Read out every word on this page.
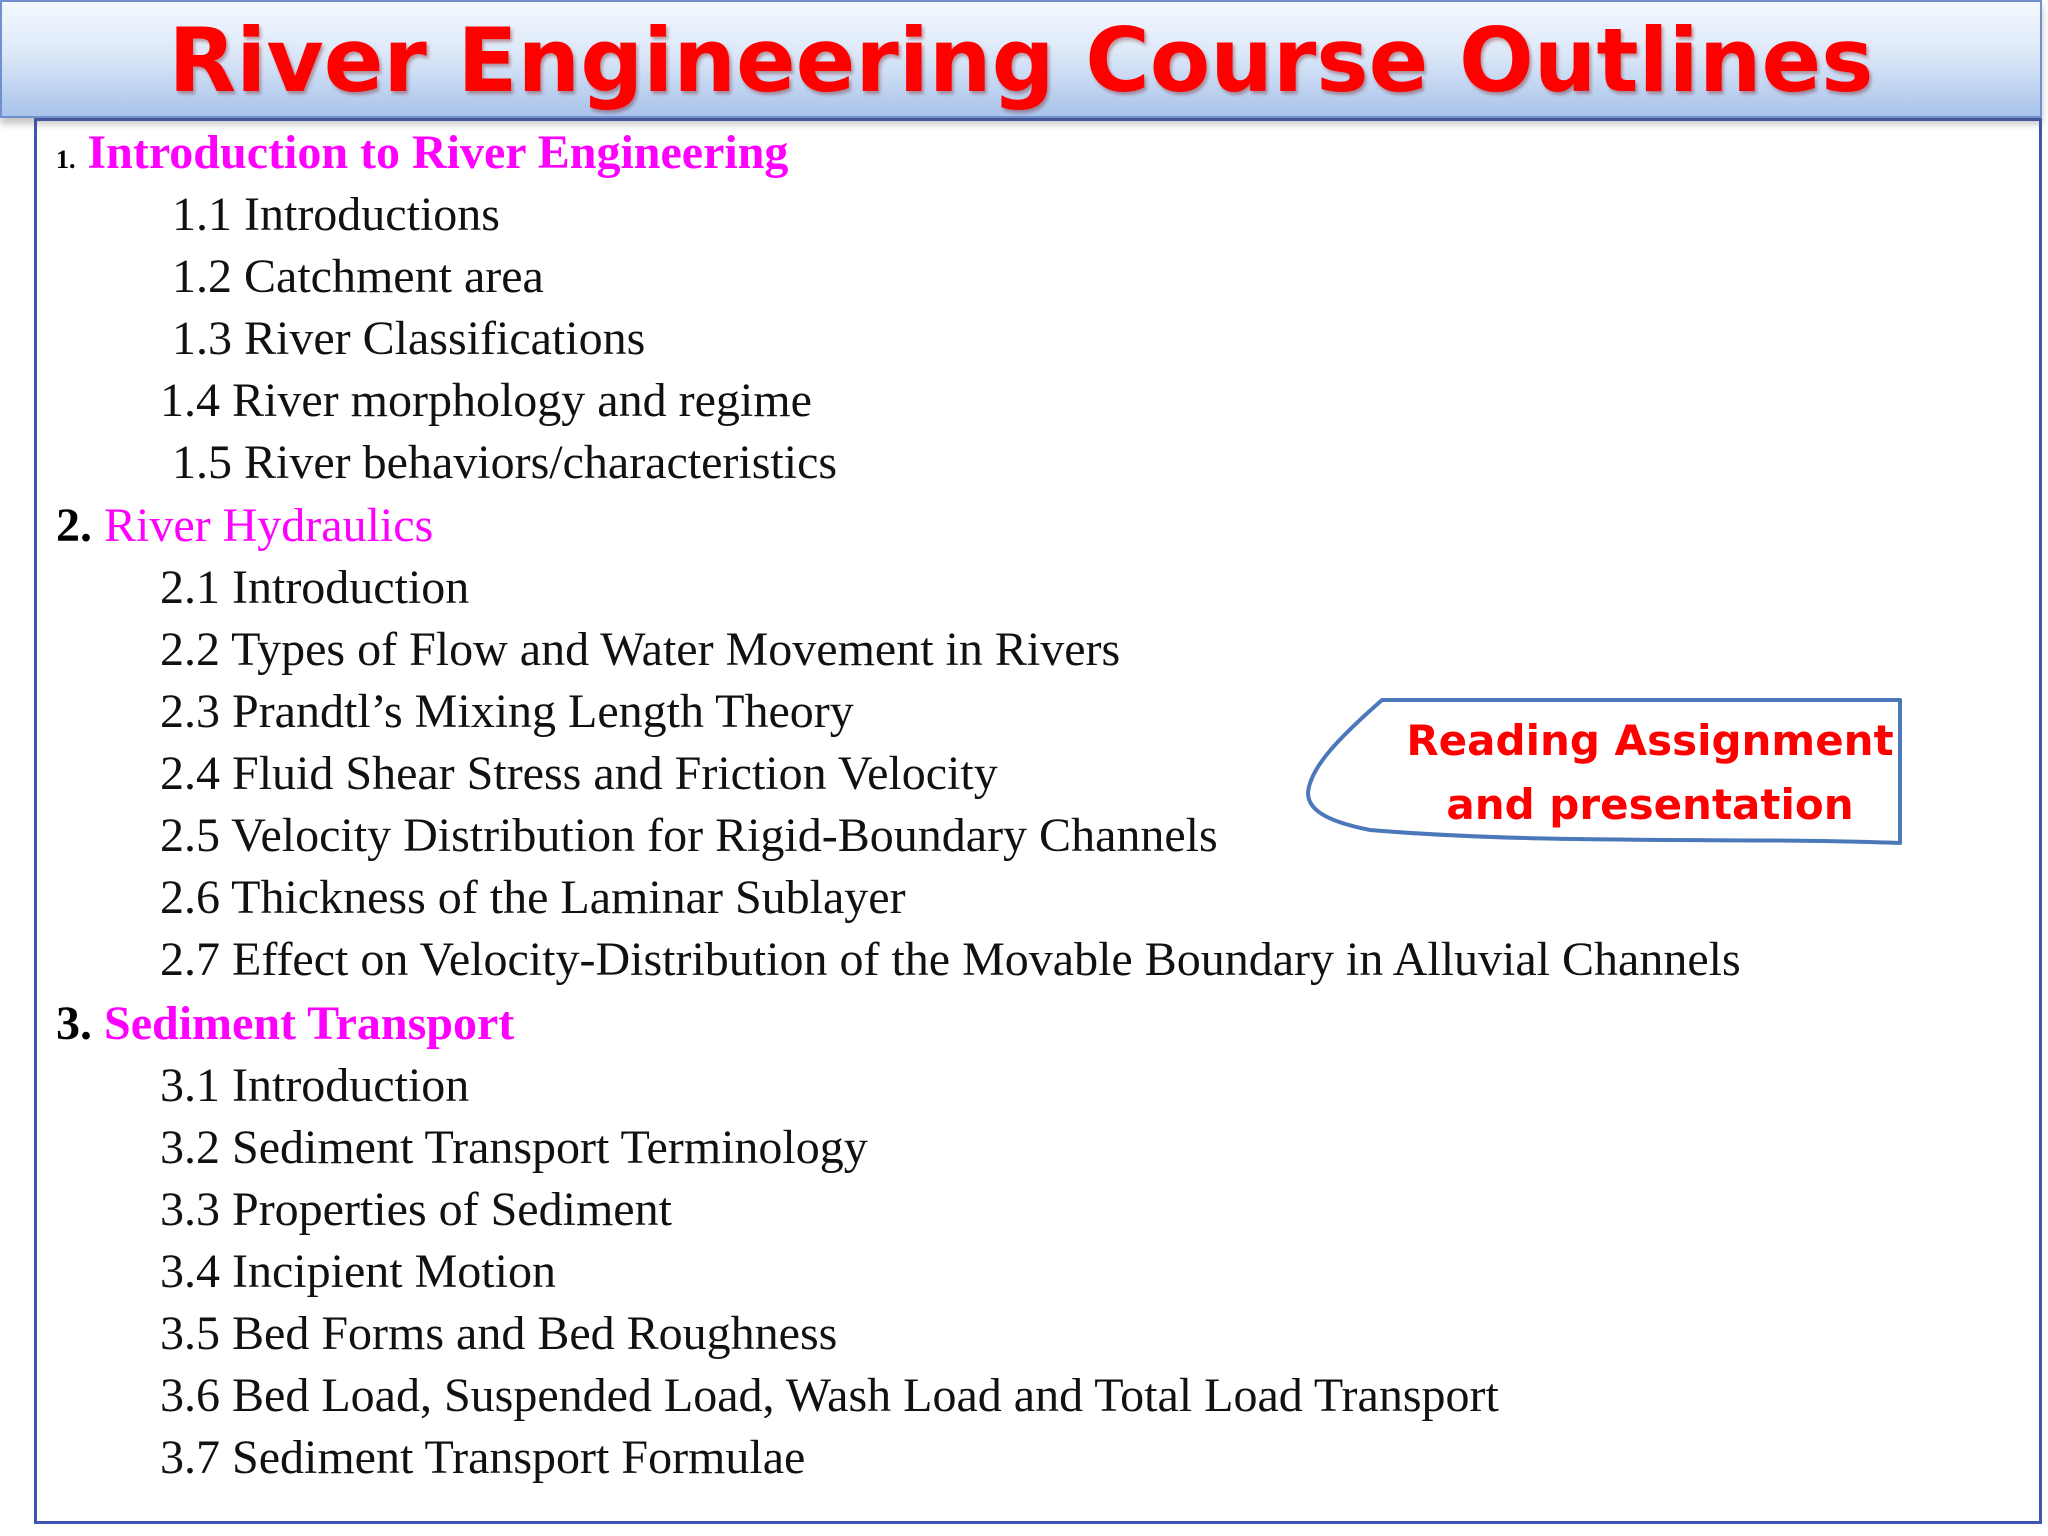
River Engineering Course Outlines
1. Introduction to River Engineering
1.1 Introductions
1.2 Catchment area
1.3 River Classifications
1.4 River morphology and regime
1.5 River behaviors/characteristics
2. River Hydraulics
2.1 Introduction
2.2 Types of Flow and Water Movement in Rivers
2.3 Prandtl’s Mixing Length Theory
2.4 Fluid Shear Stress and Friction Velocity
2.5 Velocity Distribution for Rigid-Boundary Channels
2.6 Thickness of the Laminar Sublayer
2.7 Effect on Velocity-Distribution of the Movable Boundary in Alluvial Channels
3. Sediment Transport
3.1 Introduction
3.2 Sediment Transport Terminology
3.3 Properties of Sediment
3.4 Incipient Motion
3.5 Bed Forms and Bed Roughness
3.6 Bed Load, Suspended Load, Wash Load and Total Load Transport
3.7 Sediment Transport Formulae
Reading Assignment
and presentation
